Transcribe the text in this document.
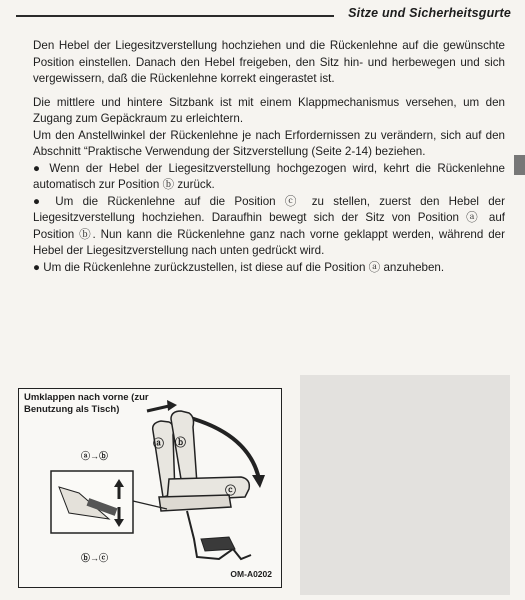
Sitze und Sicherheitsgurte

Den Hebel der Liegesitzverstellung hochziehen und die Rückenlehne auf die gewünschte Position einstellen. Danach den Hebel freigeben, den Sitz hin- und herbewegen und sich vergewissern, daß die Rückenlehne korrekt eingerastet ist.

Die mittlere und hintere Sitzbank ist mit einem Klappmechanismus versehen, um den Zugang zum Gepäckraum zu erleichtern.

Um den Anstellwinkel der Rückenlehne je nach Erfordernissen zu verändern, sich auf den Abschnitt “Praktische Verwendung der Sitzverstellung (Seite 2-14) beziehen.

● Wenn der Hebel der Liegesitzverstellung hochgezogen wird, kehrt die Rückenlehne automatisch zur Position ⓑ zurück.

● Um die Rückenlehne auf die Position ⓒ zu stellen, zuerst den Hebel der Liegesitzverstellung hochziehen. Daraufhin bewegt sich der Sitz von Position ⓐ auf Position ⓑ. Nun kann die Rückenlehne ganz nach vorne geklappt werden, während der Hebel der Liegesitzverstellung nach unten gedrückt wird.

● Um die Rückenlehne zurückzustellen, ist diese auf die Position ⓐ anzuheben.

Umklappen nach vorne (zur Benutzung als Tisch)
ⓐ→ⓑ
ⓑ→ⓒ
ⓐ ⓑ
ⓒ
OM-A0202
